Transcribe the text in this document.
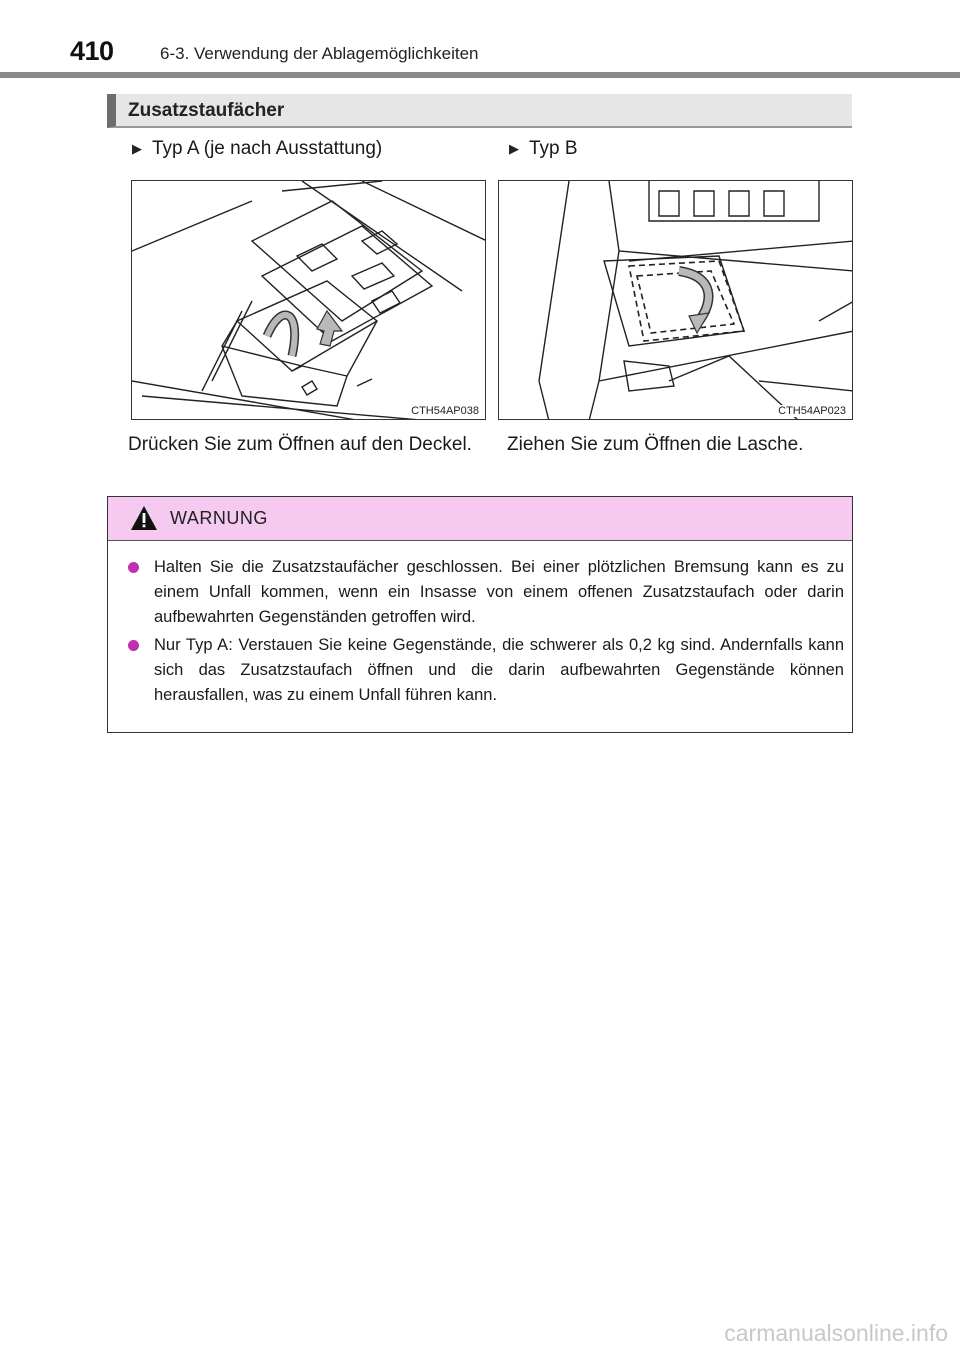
410	6-3. Verwendung der Ablagemöglichkeiten
Zusatzstaufächer
▶ Typ A (je nach Ausstattung)	▶ Typ B
CTH54AP038	CTH54AP023
Drücken Sie zum Öffnen auf den Deckel.	Ziehen Sie zum Öffnen die Lasche.
WARNUNG
Halten Sie die Zusatzstaufächer geschlossen. Bei einer plötzlichen Bremsung kann es zu einem Unfall kommen, wenn ein Insasse von einem offenen Zusatzstaufach oder darin aufbewahrten Gegenständen getroffen wird.
Nur Typ A: Verstauen Sie keine Gegenstände, die schwerer als 0,2 kg sind. Andernfalls kann sich das Zusatzstaufach öffnen und die darin aufbewahrten Gegenstände können herausfallen, was zu einem Unfall führen kann.
carmanualsonline.info
